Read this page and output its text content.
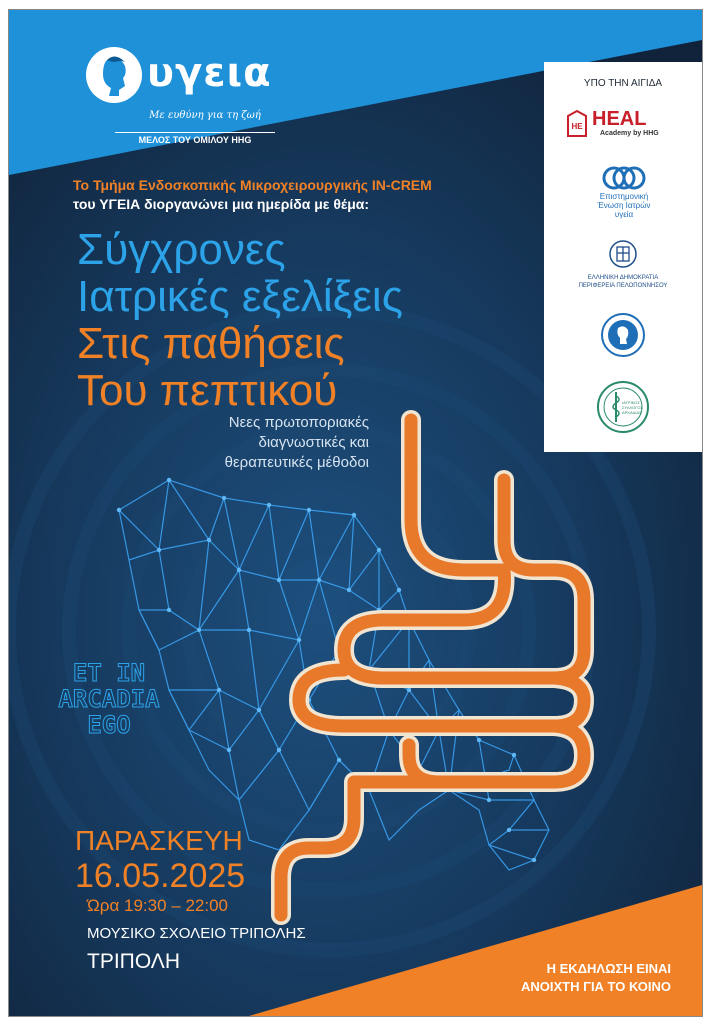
υγεια
Με ευθύνη για τη ζωή
ΜΕΛΟΣ ΤΟΥ ΟΜΙΛΟΥ HHG
ΥΠΟ ΤΗΝ ΑΙΓΙΔΑ
HE HEAL
Academy by HHG
Επιστημονική
Ένωση Ιατρών
υγεία
ΕΛΛΗΝΙΚΗ ΔΗΜΟΚΡΑΤΙΑ
ΠΕΡΙΦΕΡΕΙΑ ΠΕΛΟΠΟΝΝΗΣΟΥ
ΙΑΤΡΙΚΟΣ
ΣΥΛΛΟΓΟΣ
ΑΡΚΑΔΙΑΣ
Το Τμήμα Ενδοσκοπικής Μικροχειρουργικής IN-CREM
του ΥΓΕΙΑ διοργανώνει μια ημερίδα με θέμα:
Σύγχρονες
Ιατρικές εξελίξεις
Στις παθήσεις
Του πεπτικού
Νεες πρωτοποριακές
διαγνωστικές και
θεραπευτικές μέθοδοι
ET IN
ARCADIA
EGO
ΠΑΡΑΣΚΕΥΗ
16.05.2025
Ώρα 19:30 – 22:00
ΜΟΥΣΙΚΟ ΣΧΟΛΕΙΟ ΤΡΙΠΟΛΗΣ
ΤΡΙΠΟΛΗ	Η ΕΚΔΗΛΩΣΗ ΕΙΝΑΙ
ΑΝΟΙΧΤΗ ΓΙΑ ΤΟ ΚΟΙΝΟ
